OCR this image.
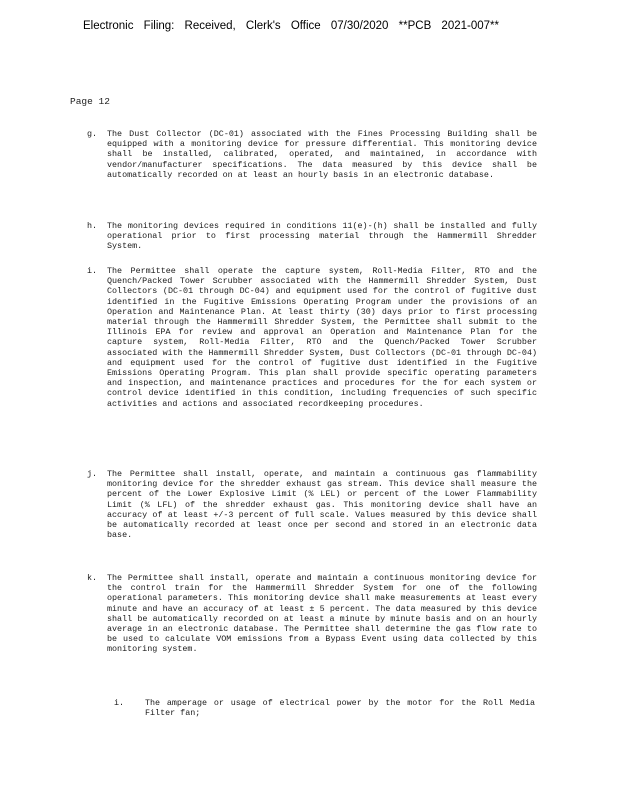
Electronic Filing: Received, Clerk's Office 07/30/2020 **PCB 2021-007**
Page 12
g. The Dust Collector (DC-01) associated with the Fines Processing Building shall be equipped with a monitoring device for pressure differential. This monitoring device shall be installed, calibrated, operated, and maintained, in accordance with vendor/manufacturer specifications. The data measured by this device shall be automatically recorded on at least an hourly basis in an electronic database.
h. The monitoring devices required in conditions 11(e)-(h) shall be installed and fully operational prior to first processing material through the Hammermill Shredder System.
i. The Permittee shall operate the capture system, Roll-Media Filter, RTO and the Quench/Packed Tower Scrubber associated with the Hammermill Shredder System, Dust Collectors (DC-01 through DC-04) and equipment used for the control of fugitive dust identified in the Fugitive Emissions Operating Program under the provisions of an Operation and Maintenance Plan. At least thirty (30) days prior to first processing material through the Hammermill Shredder System, the Permittee shall submit to the Illinois EPA for review and approval an Operation and Maintenance Plan for the capture system, Roll-Media Filter, RTO and the Quench/Packed Tower Scrubber associated with the Hammermill Shredder System, Dust Collectors (DC-01 through DC-04) and equipment used for the control of fugitive dust identified in the Fugitive Emissions Operating Program. This plan shall provide specific operating parameters and inspection, and maintenance practices and procedures for the for each system or control device identified in this condition, including frequencies of such specific activities and actions and associated recordkeeping procedures.
j. The Permittee shall install, operate, and maintain a continuous gas flammability monitoring device for the shredder exhaust gas stream. This device shall measure the percent of the Lower Explosive Limit (% LEL) or percent of the Lower Flammability Limit (% LFL) of the shredder exhaust gas. This monitoring device shall have an accuracy of at least +/-3 percent of full scale. Values measured by this device shall be automatically recorded at least once per second and stored in an electronic data base.
k. The Permittee shall install, operate and maintain a continuous monitoring device for the control train for the Hammermill Shredder System for one of the following operational parameters. This monitoring device shall make measurements at least every minute and have an accuracy of at least ± 5 percent. The data measured by this device shall be automatically recorded on at least a minute by minute basis and on an hourly average in an electronic database. The Permittee shall determine the gas flow rate to be used to calculate VOM emissions from a Bypass Event using data collected by this monitoring system.
i. The amperage or usage of electrical power by the motor for the Roll Media Filter fan;
